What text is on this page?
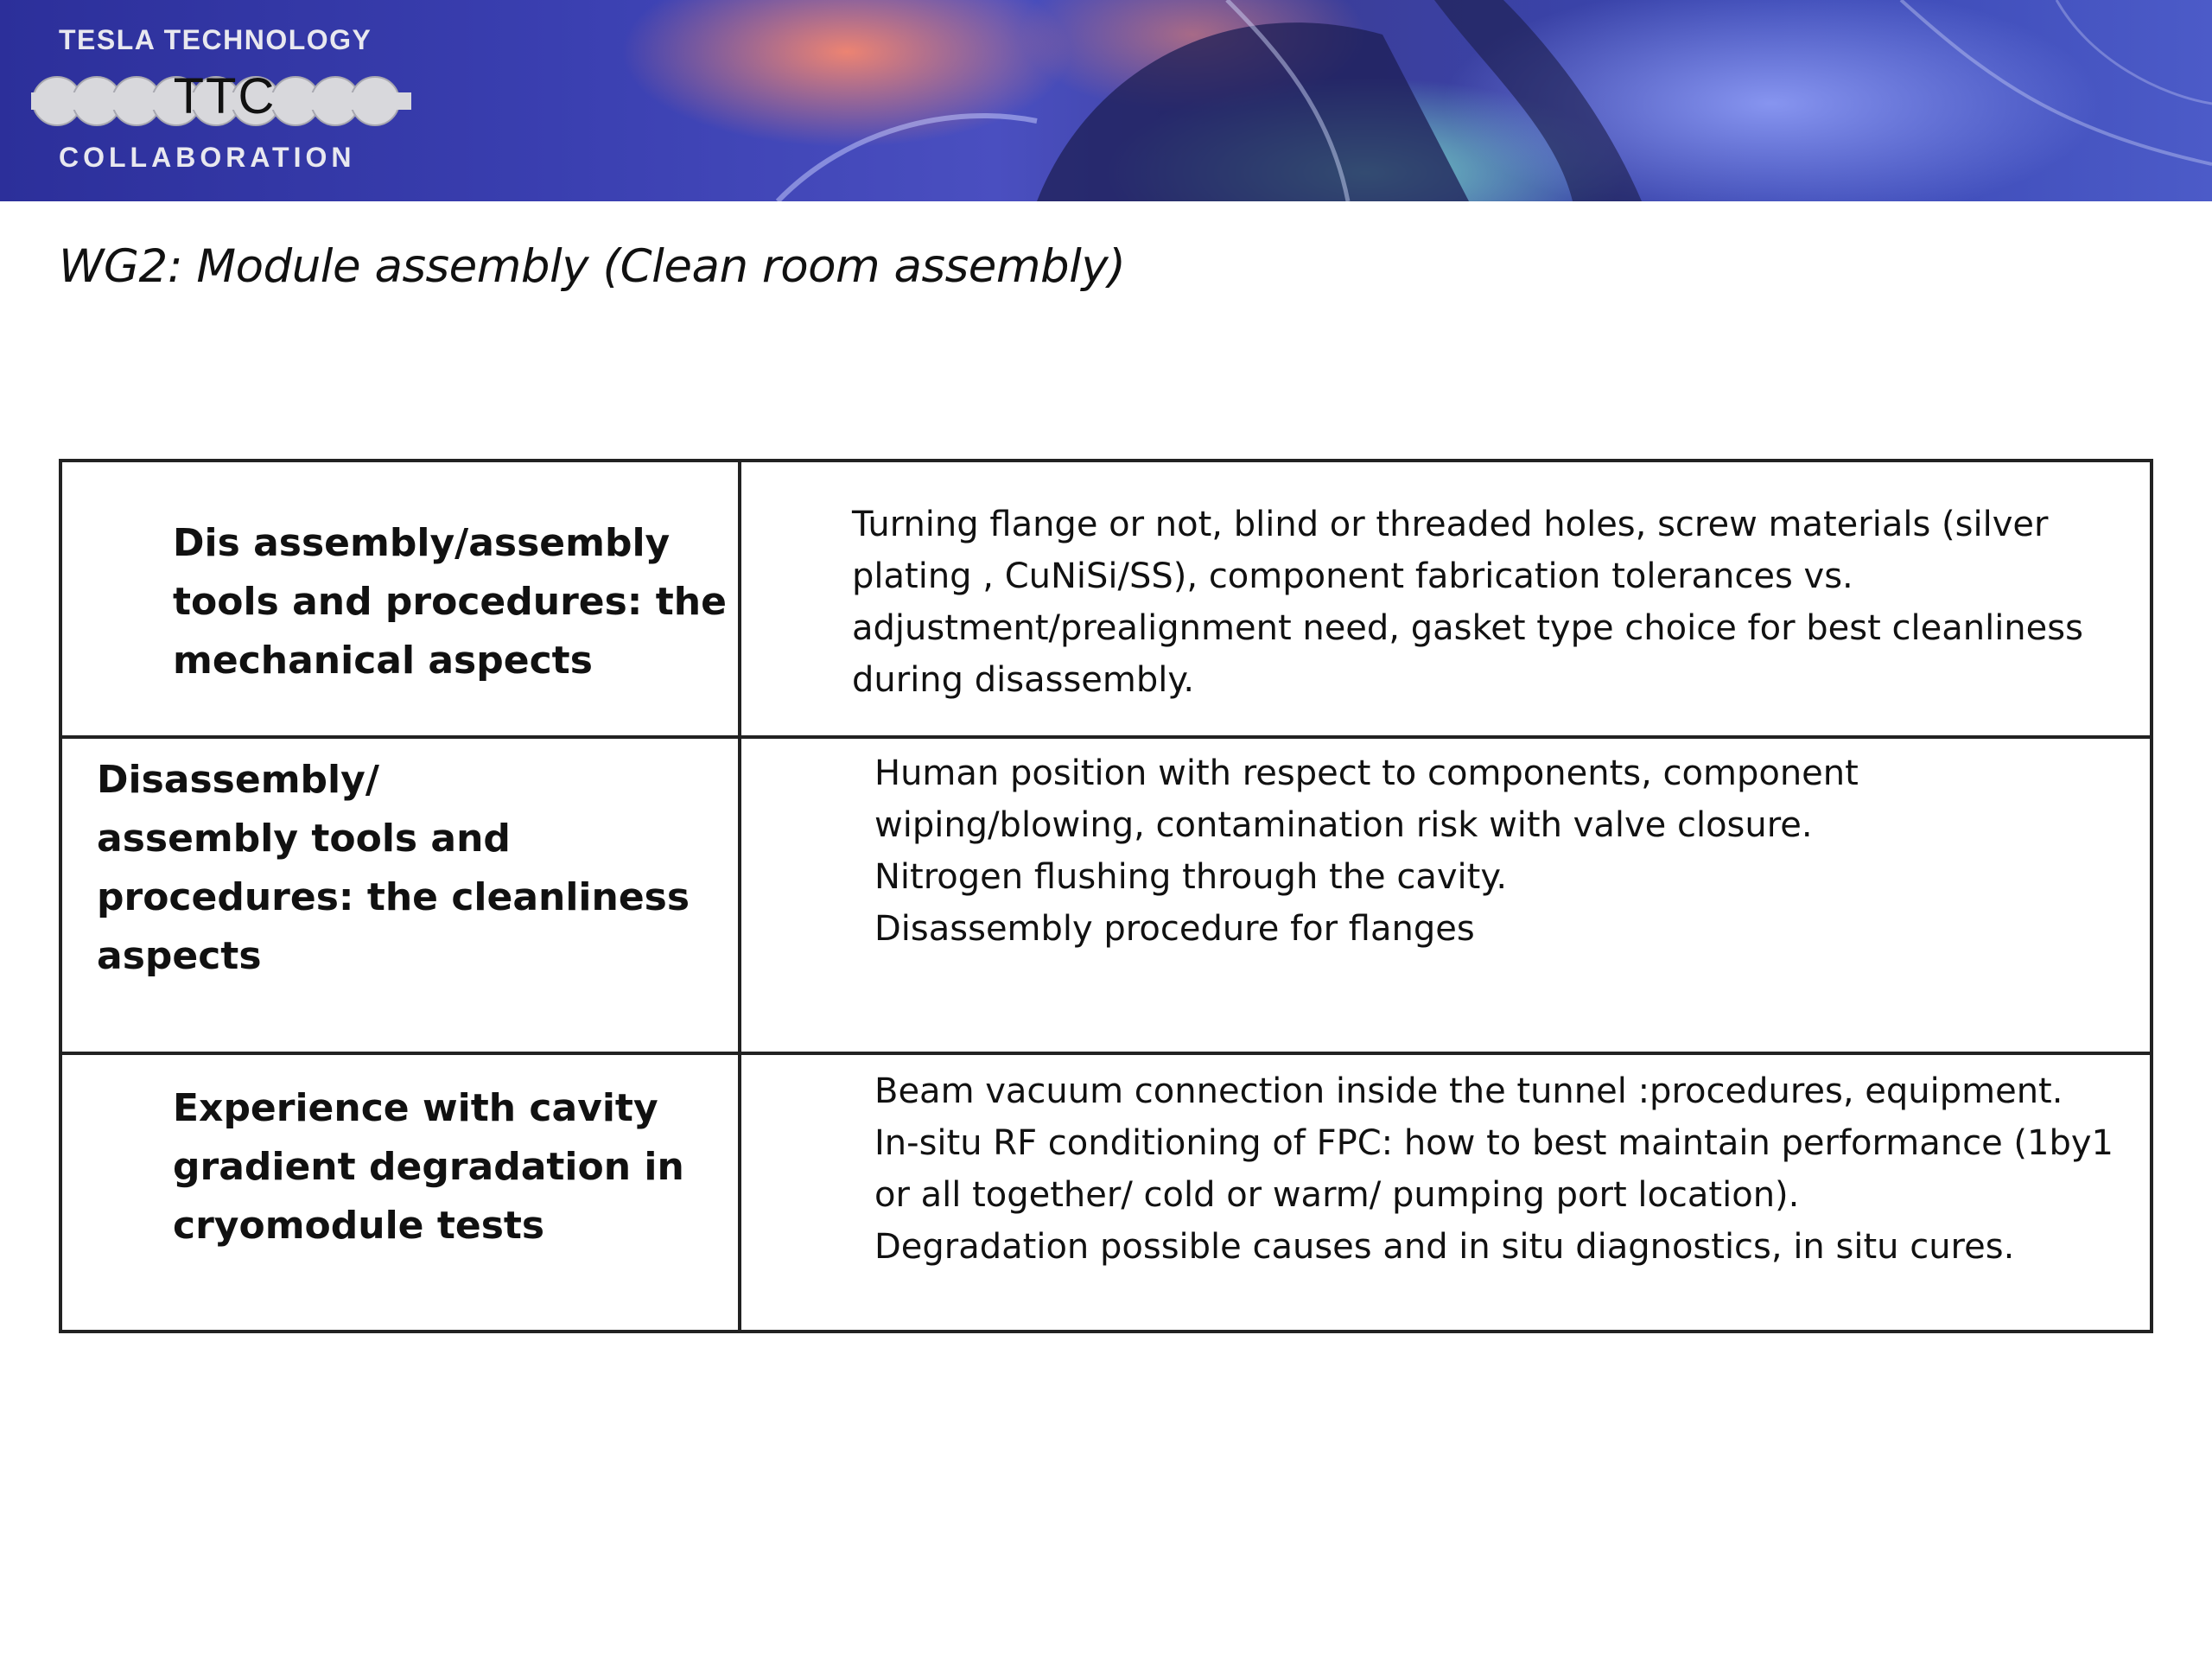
TESLA TECHNOLOGY
TTC
COLLABORATION
WG2: Module assembly (Clean room assembly)
Dis assembly/assembly
tools and procedures: the
mechanical aspects
Turning flange or not, blind or threaded holes, screw materials (silver
plating , CuNiSi/SS), component fabrication tolerances vs.
adjustment/prealignment need, gasket type choice for best cleanliness
during disassembly.
Disassembly/
assembly tools and
procedures: the cleanliness
aspects
Human position with respect to components, component
wiping/blowing, contamination risk with valve closure.
Nitrogen flushing through the cavity.
Disassembly procedure for flanges
Experience with cavity
gradient degradation in
cryomodule tests
Beam vacuum connection inside the tunnel :procedures, equipment.
In-situ RF conditioning of FPC: how to best maintain performance (1by1
or all together/ cold or warm/ pumping port location).
Degradation possible causes and in situ diagnostics, in situ cures.
